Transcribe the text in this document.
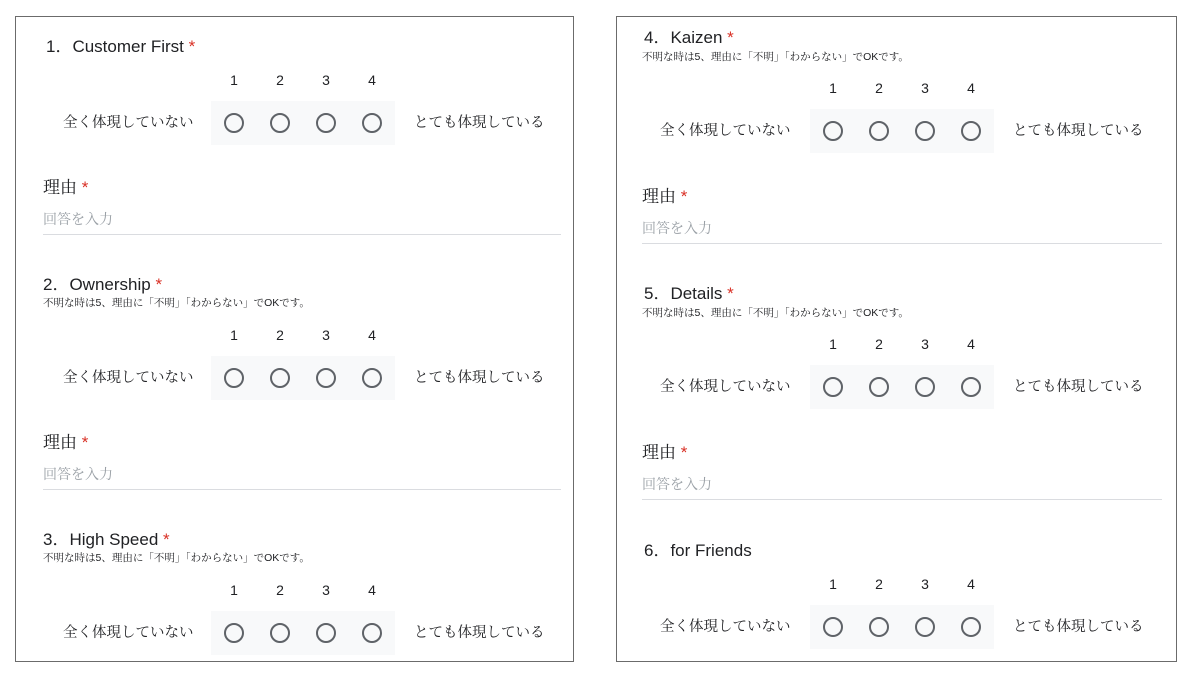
1．Customer First *
1	2	3	4
全く体現していない	とても体現している
理由 *
回答を入力
2．Ownership *
不明な時は5、理由に「不明」「わからない」でOKです。
1	2	3	4
全く体現していない	とても体現している
理由 *
回答を入力
3．High Speed *
不明な時は5、理由に「不明」「わからない」でOKです。
1	2	3	4
全く体現していない	とても体現している
4．Kaizen *
不明な時は5、理由に「不明」「わからない」でOKです。
1	2	3	4
全く体現していない	とても体現している
理由 *
回答を入力
5．Details *
不明な時は5、理由に「不明」「わからない」でOKです。
1	2	3	4
全く体現していない	とても体現している
理由 *
回答を入力
6．for Friends
1	2	3	4
全く体現していない	とても体現している
